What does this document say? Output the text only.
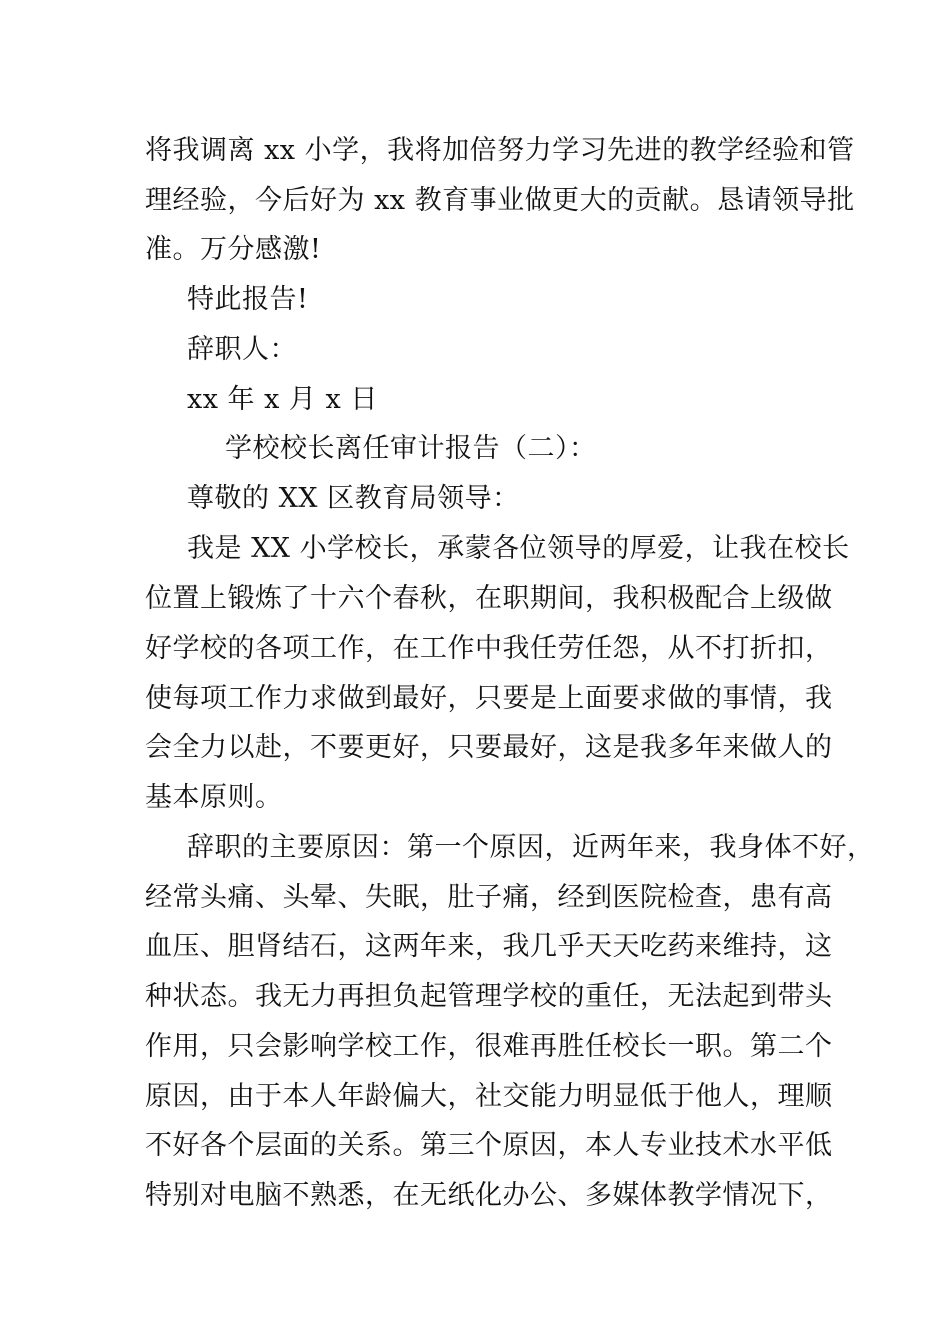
将我调离 xx 小学，我将加倍努力学习先进的教学经验和管
理经验，今后好为 xx 教育事业做更大的贡献。恳请领导批
准。万分感激!
特此报告!
辞职人：
xx 年 x 月 x 日
学校校长离任审计报告（二）：
尊敬的 XX 区教育局领导：
我是 XX 小学校长，承蒙各位领导的厚爱，让我在校长
位置上锻炼了十六个春秋，在职期间，我积极配合上级做
好学校的各项工作，在工作中我任劳任怨，从不打折扣，
使每项工作力求做到最好，只要是上面要求做的事情，我
会全力以赴，不要更好，只要最好，这是我多年来做人的
基本原则。
辞职的主要原因：第一个原因，近两年来，我身体不好，
经常头痛、头晕、失眠，肚子痛，经到医院检查，患有高
血压、胆肾结石，这两年来，我几乎天天吃药来维持，这
种状态。我无力再担负起管理学校的重任，无法起到带头
作用，只会影响学校工作，很难再胜任校长一职。第二个
原因，由于本人年龄偏大，社交能力明显低于他人，理顺
不好各个层面的关系。第三个原因，本人专业技术水平低
特别对电脑不熟悉，在无纸化办公、多媒体教学情况下，
